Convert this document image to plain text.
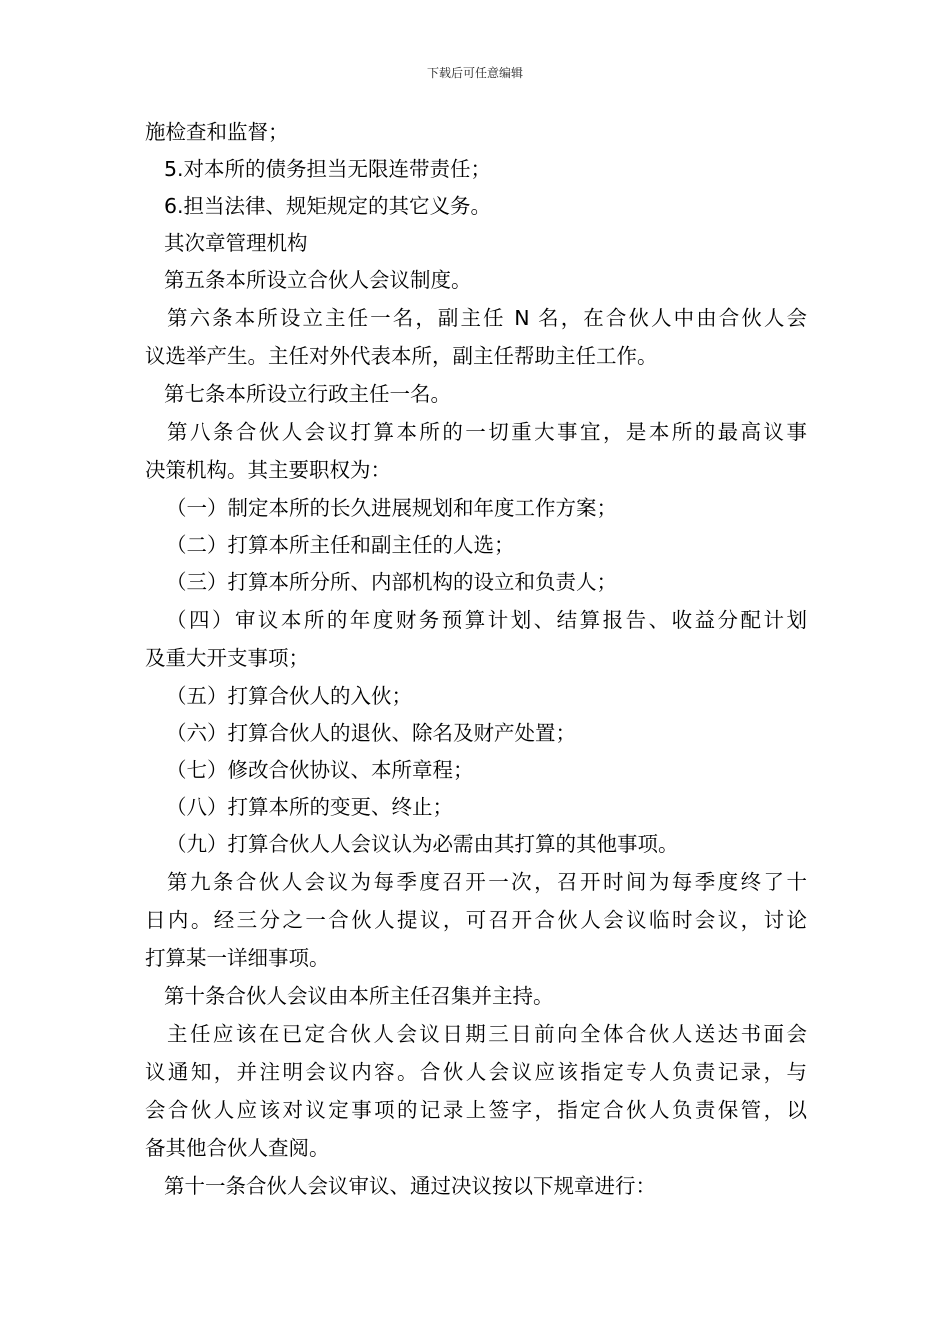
下载后可任意编辑
施检查和监督；
5.对本所的债务担当无限连带责任；
6.担当法律、规矩规定的其它义务。
其次章管理机构
第五条本所设立合伙人会议制度。
第六条本所设立主任一名，副主任 N 名，在合伙人中由合伙人会
议选举产生。主任对外代表本所，副主任帮助主任工作。
第七条本所设立行政主任一名。
第八条合伙人会议打算本所的一切重大事宜，是本所的最高议事
决策机构。其主要职权为：
（一）制定本所的长久进展规划和年度工作方案；
（二）打算本所主任和副主任的人选；
（三）打算本所分所、内部机构的设立和负责人；
（四）审议本所的年度财务预算计划、结算报告、收益分配计划
及重大开支事项；
（五）打算合伙人的入伙；
（六）打算合伙人的退伙、除名及财产处置；
（七）修改合伙协议、本所章程；
（八）打算本所的变更、终止；
（九）打算合伙人人会议认为必需由其打算的其他事项。
第九条合伙人会议为每季度召开一次，召开时间为每季度终了十
日内。经三分之一合伙人提议，可召开合伙人会议临时会议，讨论
打算某一详细事项。
第十条合伙人会议由本所主任召集并主持。
主任应该在已定合伙人会议日期三日前向全体合伙人送达书面会
议通知，并注明会议内容。合伙人会议应该指定专人负责记录，与
会合伙人应该对议定事项的记录上签字，指定合伙人负责保管，以
备其他合伙人查阅。
第十一条合伙人会议审议、通过决议按以下规章进行：
